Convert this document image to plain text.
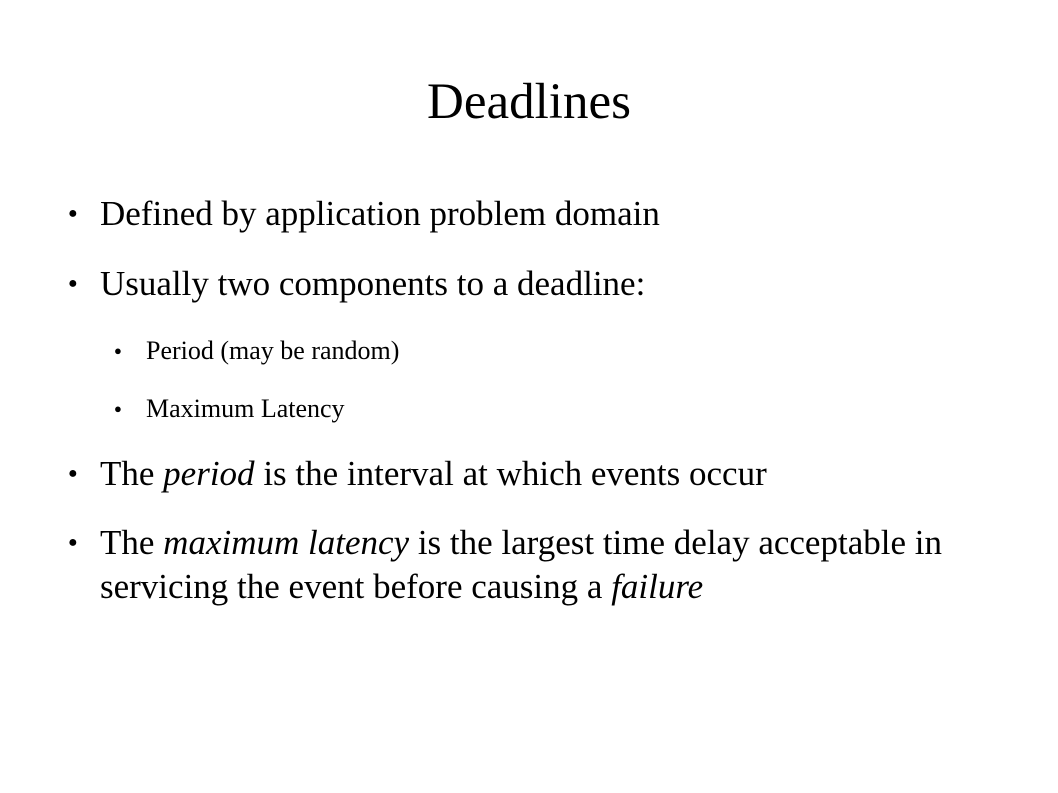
Deadlines
● Defined by application problem domain
● Usually two components to a deadline:
● Period (may be random)
● Maximum Latency
● The period is the interval at which events occur
● The maximum latency is the largest time delay acceptable in servicing the event before causing a failure
